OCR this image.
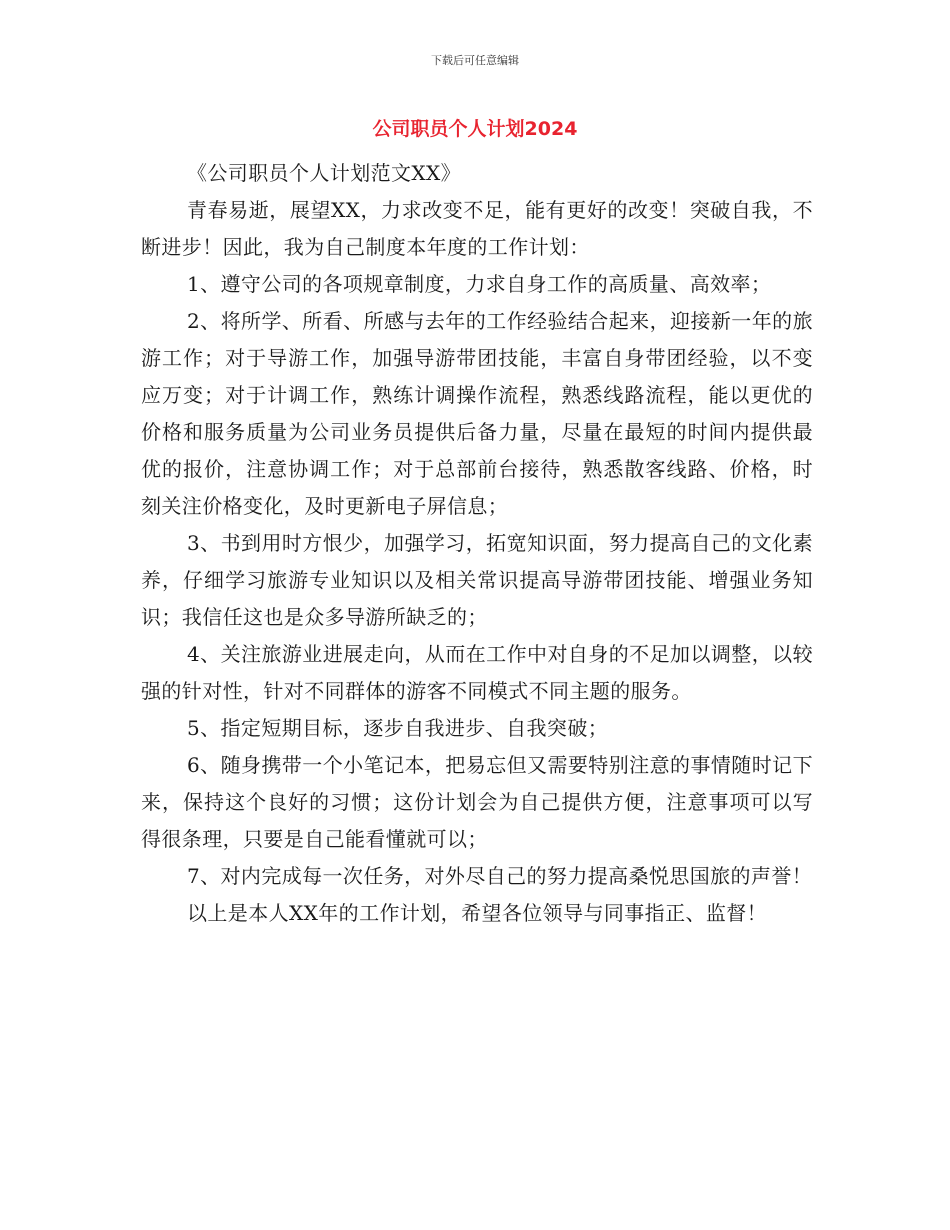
下载后可任意编辑
公司职员个人计划2024

《公司职员个人计划范文XX》

青春易逝，展望XX，力求改变不足，能有更好的改变！突破自我，不断进步！因此，我为自己制度本年度的工作计划：

1、遵守公司的各项规章制度，力求自身工作的高质量、高效率；

2、将所学、所看、所感与去年的工作经验结合起来，迎接新一年的旅游工作；对于导游工作，加强导游带团技能，丰富自身带团经验，以不变应万变；对于计调工作，熟练计调操作流程，熟悉线路流程，能以更优的价格和服务质量为公司业务员提供后备力量，尽量在最短的时间内提供最优的报价，注意协调工作；对于总部前台接待，熟悉散客线路、价格，时刻关注价格变化，及时更新电子屏信息；

3、书到用时方恨少，加强学习，拓宽知识面，努力提高自己的文化素养，仔细学习旅游专业知识以及相关常识提高导游带团技能、增强业务知识；我信任这也是众多导游所缺乏的；

4、关注旅游业进展走向，从而在工作中对自身的不足加以调整，以较强的针对性，针对不同群体的游客不同模式不同主题的服务。

5、指定短期目标，逐步自我进步、自我突破；

6、随身携带一个小笔记本，把易忘但又需要特别注意的事情随时记下来，保持这个良好的习惯；这份计划会为自己提供方便，注意事项可以写得很条理，只要是自己能看懂就可以；

7、对内完成每一次任务，对外尽自己的努力提高桑悦思国旅的声誉！

以上是本人XX年的工作计划，希望各位领导与同事指正、监督！
